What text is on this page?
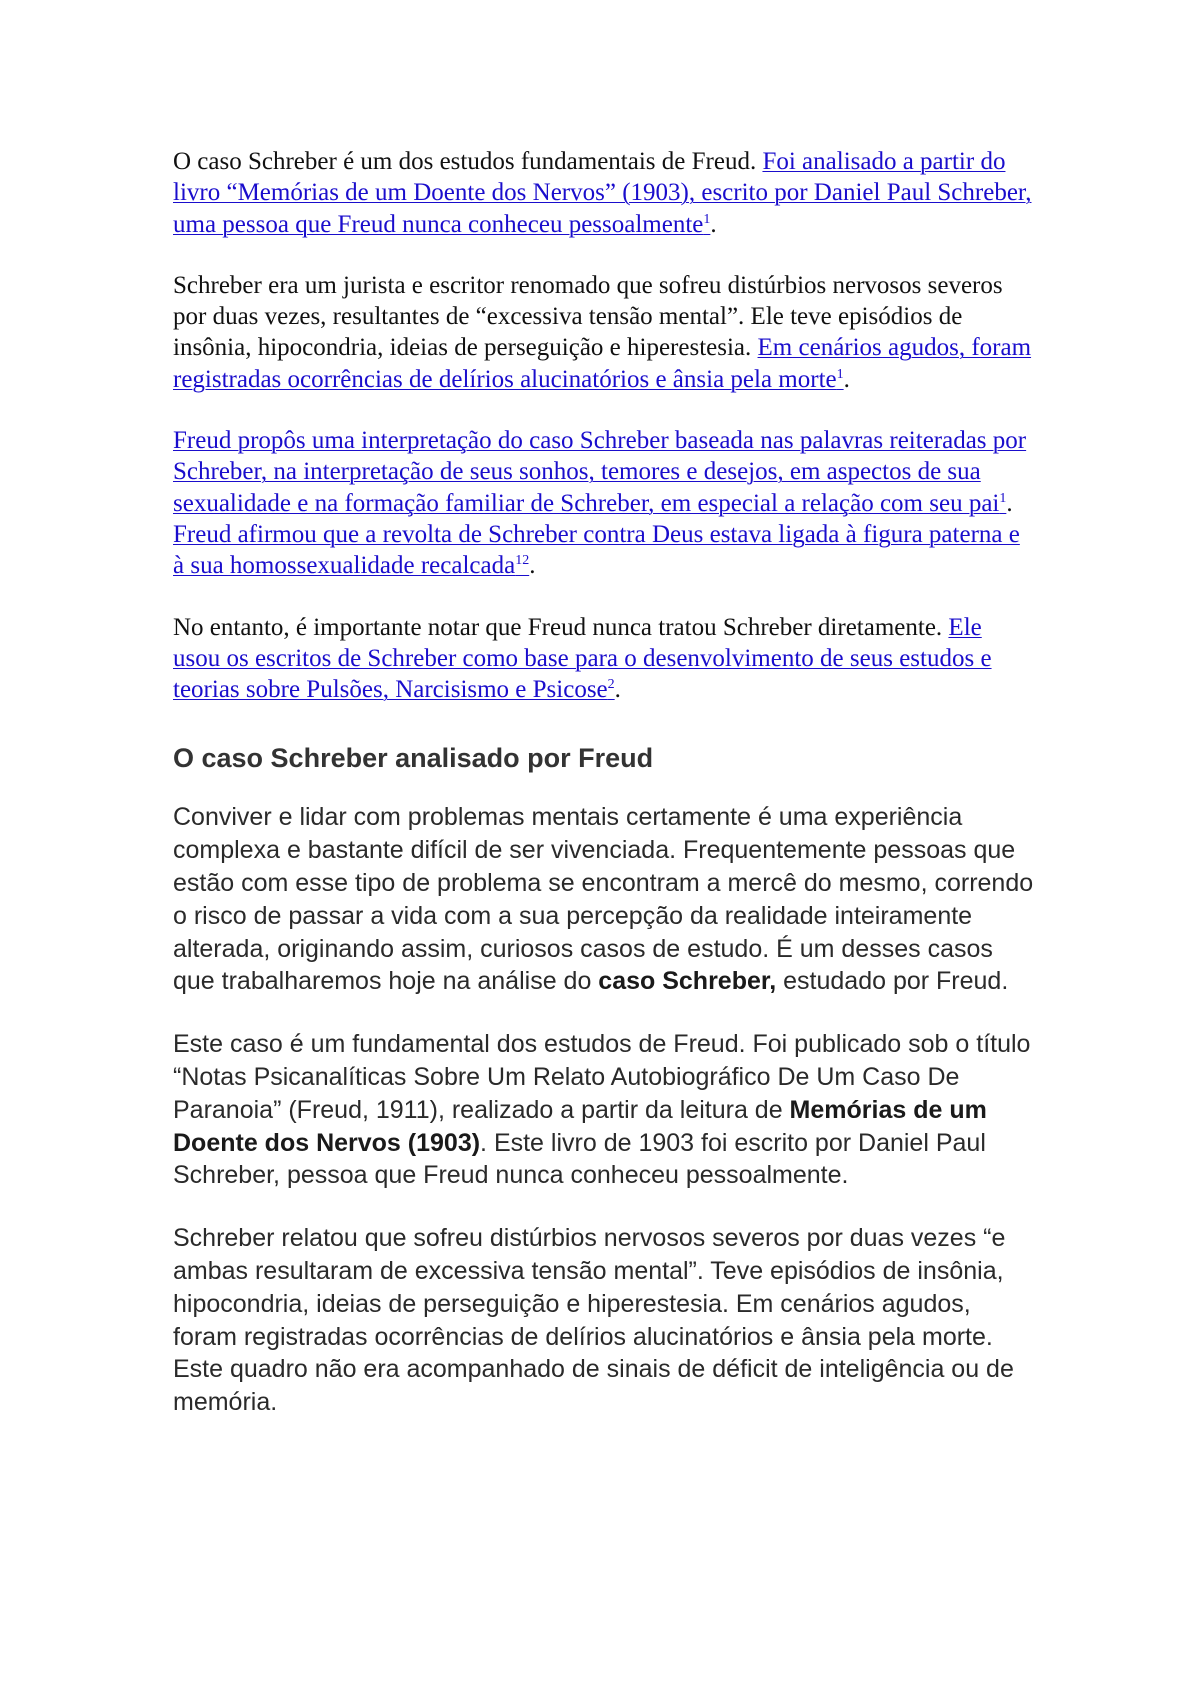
O caso Schreber é um dos estudos fundamentais de Freud. Foi analisado a partir do livro “Memórias de um Doente dos Nervos” (1903), escrito por Daniel Paul Schreber, uma pessoa que Freud nunca conheceu pessoalmente$^1$.

Schreber era um jurista e escritor renomado que sofreu distúrbios nervosos severos por duas vezes, resultantes de “excessiva tensão mental”. Ele teve episódios de insônia, hipocondria, ideias de perseguição e hiperestesia. Em cenários agudos, foram registradas ocorrências de delírios alucinatórios e ânsia pela morte$^1$.

Freud propôs uma interpretação do caso Schreber baseada nas palavras reiteradas por Schreber, na interpretação de seus sonhos, temores e desejos, em aspectos de sua sexualidade e na formação familiar de Schreber, em especial a relação com seu pai$^1$. Freud afirmou que a revolta de Schreber contra Deus estava ligada à figura paterna e à sua homossexualidade recalcada$^{12}$.

No entanto, é importante notar que Freud nunca tratou Schreber diretamente. Ele usou os escritos de Schreber como base para o desenvolvimento de seus estudos e teorias sobre Pulsões, Narcisismo e Psicose$^2$.

O caso Schreber analisado por Freud

Conviver e lidar com problemas mentais certamente é uma experiência complexa e bastante difícil de ser vivenciada. Frequentemente pessoas que estão com esse tipo de problema se encontram a mercê do mesmo, correndo o risco de passar a vida com a sua percepção da realidade inteiramente alterada, originando assim, curiosos casos de estudo. É um desses casos que trabalharemos hoje na análise do caso Schreber, estudado por Freud.

Este caso é um fundamental dos estudos de Freud. Foi publicado sob o título “Notas Psicanalíticas Sobre Um Relato Autobiográfico De Um Caso De Paranoia” (Freud, 1911), realizado a partir da leitura de Memórias de um Doente dos Nervos (1903). Este livro de 1903 foi escrito por Daniel Paul Schreber, pessoa que Freud nunca conheceu pessoalmente.

Schreber relatou que sofreu distúrbios nervosos severos por duas vezes “e ambas resultaram de excessiva tensão mental”. Teve episódios de insônia, hipocondria, ideias de perseguição e hiperestesia. Em cenários agudos, foram registradas ocorrências de delírios alucinatórios e ânsia pela morte. Este quadro não era acompanhado de sinais de déficit de inteligência ou de memória.
